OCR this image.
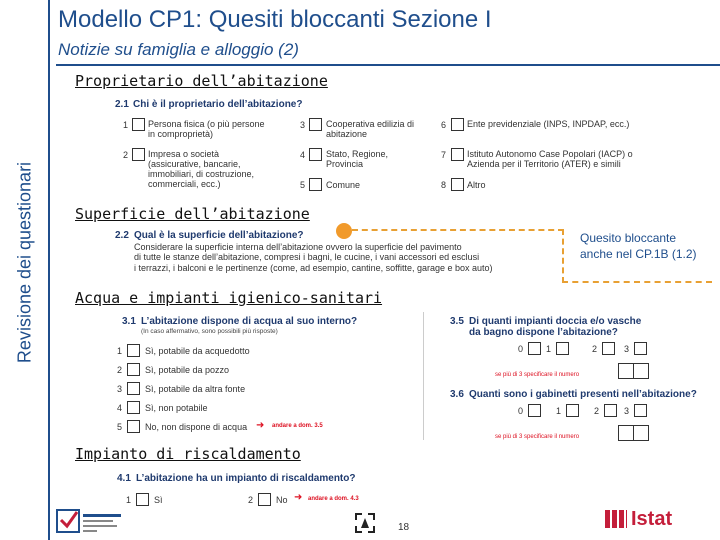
Revisione dei questionari
Modello CP1: Quesiti bloccanti Sezione I
Notizie su famiglia e alloggio (2)
Proprietario dell’abitazione
2.1 Chi è il proprietario dell’abitazione?
1 Persona fisica (o più persone in comproprietà)
2 Impresa o società (assicurative, bancarie, immobiliari, di costruzione, commerciali, ecc.)
3 Cooperativa edilizia di abitazione
4 Stato, Regione, Provincia
5 Comune
6 Ente previdenziale (INPS, INPDAP, ecc.)
7 Istituto Autonomo Case Popolari (IACP) o Azienda per il Territorio (ATER) e simili
8 Altro
Superficie dell’abitazione
2.2 Qual è la superficie dell’abitazione?
Considerare la superficie interna dell’abitazione ovvero la superficie del pavimento
di tutte le stanze dell’abitazione, compresi i bagni, le cucine, i vani accessori ed esclusi
i terrazzi, i balconi e le pertinenze (come, ad esempio, cantine, soffitte, garage e box auto)
Quesito bloccante anche nel CP.1B (1.2)
Acqua e impianti igienico-sanitari
3.1 L’abitazione dispone di acqua al suo interno?
(In caso affermativo, sono possibili più risposte)
1	Sì, potabile da acquedotto
2	Sì, potabile da pozzo
3	Sì, potabile da altra fonte
4	Sì, non potabile
5	No, non dispone di acqua ➜ andare a dom. 3.5
3.5 Di quanti impianti doccia e/o vasche
da bagno dispone l’abitazione?
0	1	2	3
se più di 3 specificare il numero
3.6 Quanti sono i gabinetti presenti nell’abitazione?
0	1	2	3
se più di 3 specificare il numero
Impianto di riscaldamento
4.1 L’abitazione ha un impianto di riscaldamento?
1	Sì	2	No ➜ andare a dom. 4.3
18	Istat
